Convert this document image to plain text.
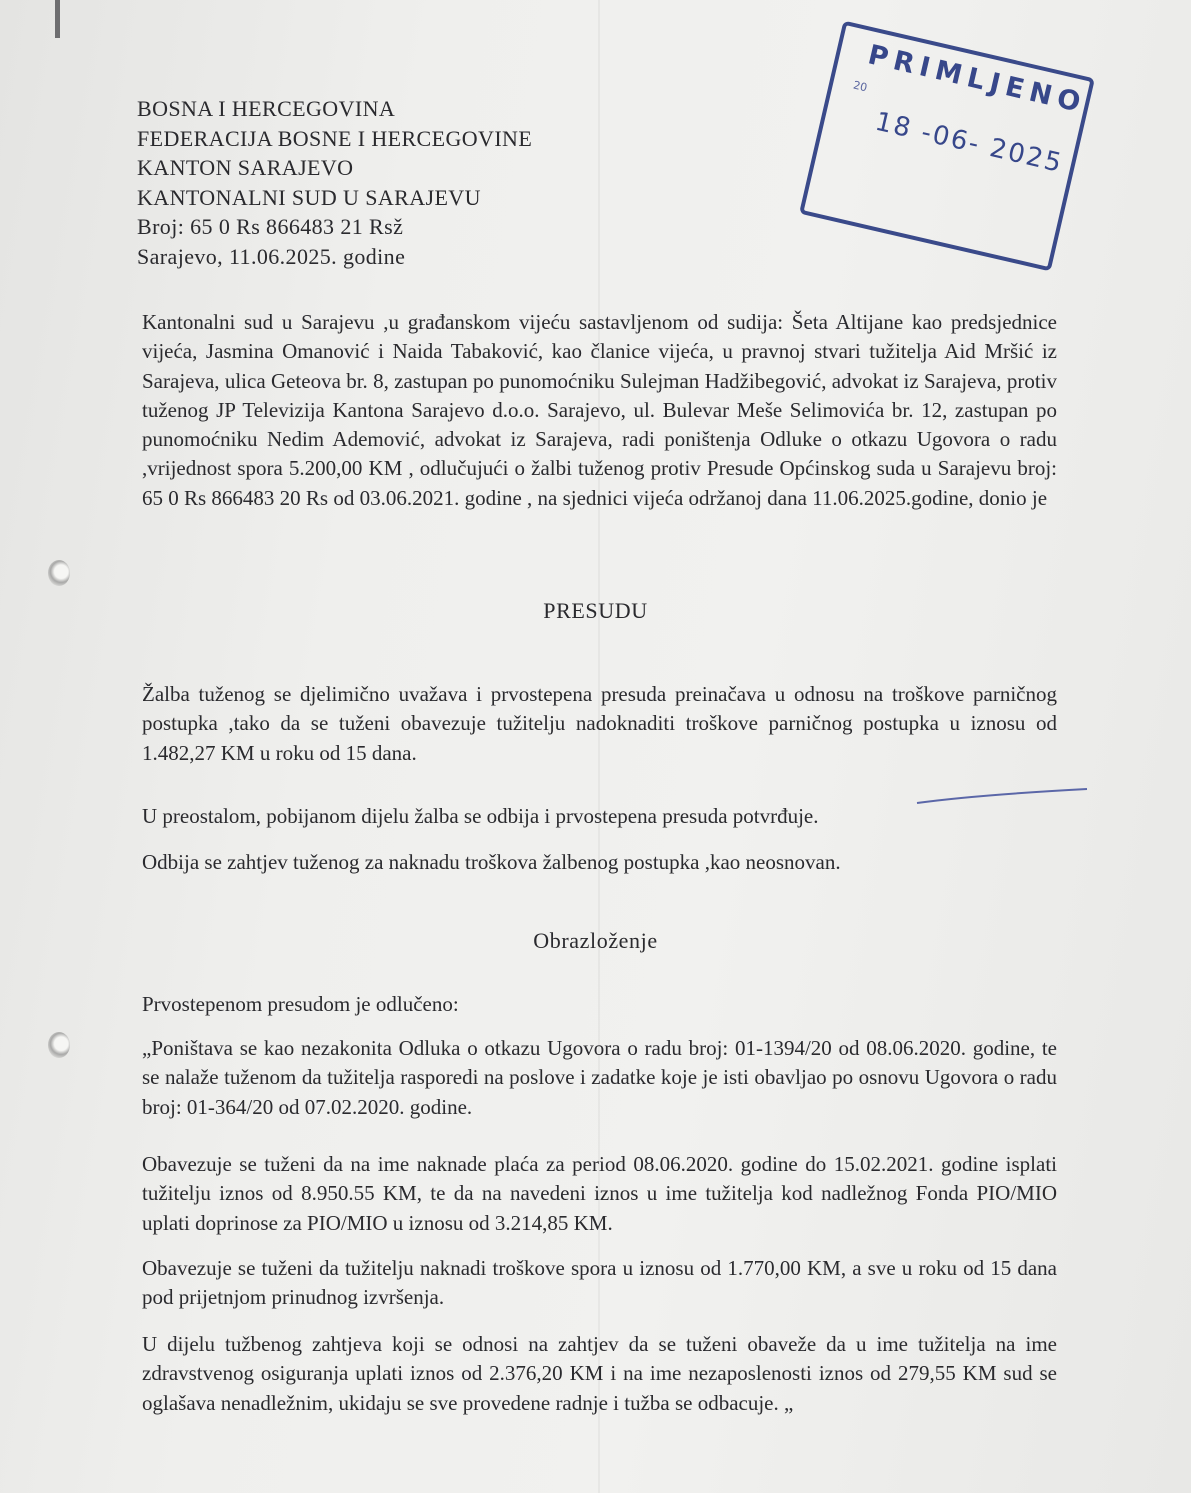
BOSNA I HERCEGOVINA
FEDERACIJA BOSNE I HERCEGOVINE
KANTON SARAJEVO
KANTONALNI SUD U SARAJEVU
Broj: 65 0 Rs 866483 21 Rsž
Sarajevo, 11.06.2025. godine
PRIMLJENO
20
18 -06- 2025

Kantonalni sud u Sarajevu ,u građanskom vijeću sastavljenom od sudija: Šeta Altijane kao predsjednice vijeća, Jasmina Omanović i Naida Tabaković, kao članice vijeća, u pravnoj stvari tužitelja Aid Mršić iz Sarajeva, ulica Geteova br. 8, zastupan po punomoćniku Sulejman Hadžibegović, advokat iz Sarajeva, protiv tuženog JP Televizija Kantona Sarajevo d.o.o. Sarajevo, ul. Bulevar Meše Selimovića br. 12, zastupan po punomoćniku Nedim Ademović, advokat iz Sarajeva, radi poništenja Odluke o otkazu Ugovora o radu ,vrijednost spora 5.200,00 KM , odlučujući o žalbi tuženog protiv Presude Općinskog suda u Sarajevu broj: 65 0 Rs 866483 20 Rs od 03.06.2021. godine , na sjednici vijeća održanoj dana 11.06.2025.godine, donio je

PRESUDU

Žalba tuženog se djelimično uvažava i prvostepena presuda preinačava u odnosu na troškove parničnog postupka ,tako da se tuženi obavezuje tužitelju nadoknaditi troškove parničnog postupka u iznosu od 1.482,27 KM u roku od 15 dana.

U preostalom, pobijanom dijelu žalba se odbija i prvostepena presuda potvrđuje.

Odbija se zahtjev tuženog za naknadu troškova žalbenog postupka ,kao neosnovan.

Obrazloženje

Prvostepenom presudom je odlučeno:

„Poništava se kao nezakonita Odluka o otkazu Ugovora o radu broj: 01-1394/20 od 08.06.2020. godine, te se nalaže tuženom da tužitelja rasporedi na poslove i zadatke koje je isti obavljao po osnovu Ugovora o radu broj: 01-364/20 od 07.02.2020. godine.

Obavezuje se tuženi da na ime naknade plaća za period 08.06.2020. godine do 15.02.2021. godine isplati tužitelju iznos od 8.950.55 KM, te da na navedeni iznos u ime tužitelja kod nadležnog Fonda PIO/MIO uplati doprinose za PIO/MIO u iznosu od 3.214,85 KM.

Obavezuje se tuženi da tužitelju naknadi troškove spora u iznosu od 1.770,00 KM, a sve u roku od 15 dana pod prijetnjom prinudnog izvršenja.

U dijelu tužbenog zahtjeva koji se odnosi na zahtjev da se tuženi obaveže da u ime tužitelja na ime zdravstvenog osiguranja uplati iznos od 2.376,20 KM i na ime nezaposlenosti iznos od 279,55 KM sud se oglašava nenadležnim, ukidaju se sve provedene radnje i tužba se odbacuje. „
